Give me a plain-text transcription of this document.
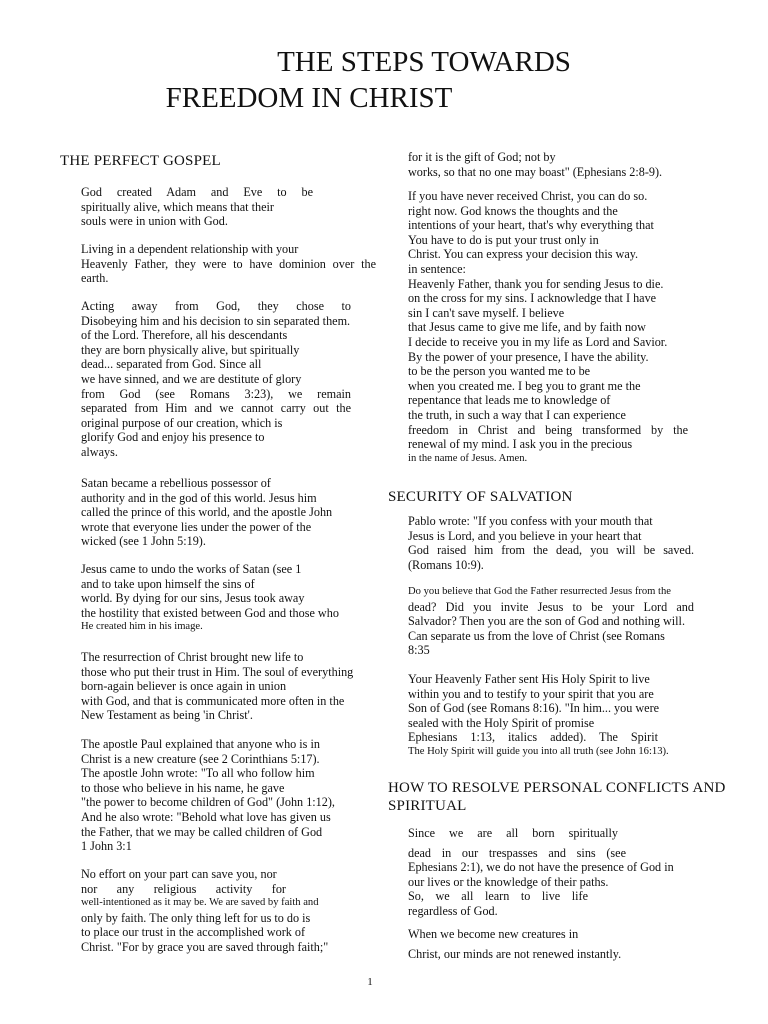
THE STEPS TOWARDS
FREEDOM IN CHRIST
THE PERFECT GOSPEL
God created Adam and Eve to be
spiritually alive, which means that their
souls were in union with God.
Living in a dependent relationship with your
Heavenly Father, they were to have dominion over the
earth.
Acting away from God, they chose to
Disobeying him and his decision to sin separated them.
of the Lord. Therefore, all his descendants
they are born physically alive, but spiritually
dead... separated from God. Since all
we have sinned, and we are destitute of glory
from God (see Romans 3:23), we remain
separated from Him and we cannot carry out the
original purpose of our creation, which is
glorify God and enjoy his presence to
always.
Satan became a rebellious possessor of
authority and in the god of this world. Jesus him
called the prince of this world, and the apostle John
wrote that everyone lies under the power of the
wicked (see 1 John 5:19).
Jesus came to undo the works of Satan (see 1
and to take upon himself the sins of
world. By dying for our sins, Jesus took away
the hostility that existed between God and those who
He created him in his image.
The resurrection of Christ brought new life to
those who put their trust in Him. The soul of everything
born-again believer is once again in union
with God, and that is communicated more often in the
New Testament as being 'in Christ'.
The apostle Paul explained that anyone who is in
Christ is a new creature (see 2 Corinthians 5:17).
The apostle John wrote: "To all who follow him
to those who believe in his name, he gave
"the power to become children of God" (John 1:12),
And he also wrote: "Behold what love has given us
the Father, that we may be called children of God
1 John 3:1
No effort on your part can save you, nor
nor any religious activity for
well-intentioned as it may be. We are saved by faith and
only by faith. The only thing left for us to do is
to place our trust in the accomplished work of
Christ. "For by grace you are saved through faith;"
for it is the gift of God; not by
works, so that no one may boast" (Ephesians 2:8-9).
If you have never received Christ, you can do so.
right now. God knows the thoughts and the
intentions of your heart, that's why everything that
You have to do is put your trust only in
Christ. You can express your decision this way.
in sentence:
Heavenly Father, thank you for sending Jesus to die.
on the cross for my sins. I acknowledge that I have
sin I can't save myself. I believe
that Jesus came to give me life, and by faith now
I decide to receive you in my life as Lord and Savior.
By the power of your presence, I have the ability.
to be the person you wanted me to be
when you created me. I beg you to grant me the
repentance that leads me to knowledge of
the truth, in such a way that I can experience
freedom in Christ and being transformed by the
renewal of my mind. I ask you in the precious
in the name of Jesus. Amen.
SECURITY OF SALVATION
Pablo wrote: "If you confess with your mouth that
Jesus is Lord, and you believe in your heart that
God raised him from the dead, you will be saved.
(Romans 10:9).
Do you believe that God the Father resurrected Jesus from the
dead? Did you invite Jesus to be your Lord and
Salvador? Then you are the son of God and nothing will.
Can separate us from the love of Christ (see Romans
8:35
Your Heavenly Father sent His Holy Spirit to live
within you and to testify to your spirit that you are
Son of God (see Romans 8:16). "In him... you were
sealed with the Holy Spirit of promise
Ephesians 1:13, italics added). The Spirit
The Holy Spirit will guide you into all truth (see John 16:13).
HOW TO RESOLVE PERSONAL CONFLICTS AND
SPIRITUAL
Since we are all born spiritually
dead in our trespasses and sins (see
Ephesians 2:1), we do not have the presence of God in
our lives or the knowledge of their paths.
So, we all learn to live life
regardless of God.
When we become new creatures in
Christ, our minds are not renewed instantly.
1
